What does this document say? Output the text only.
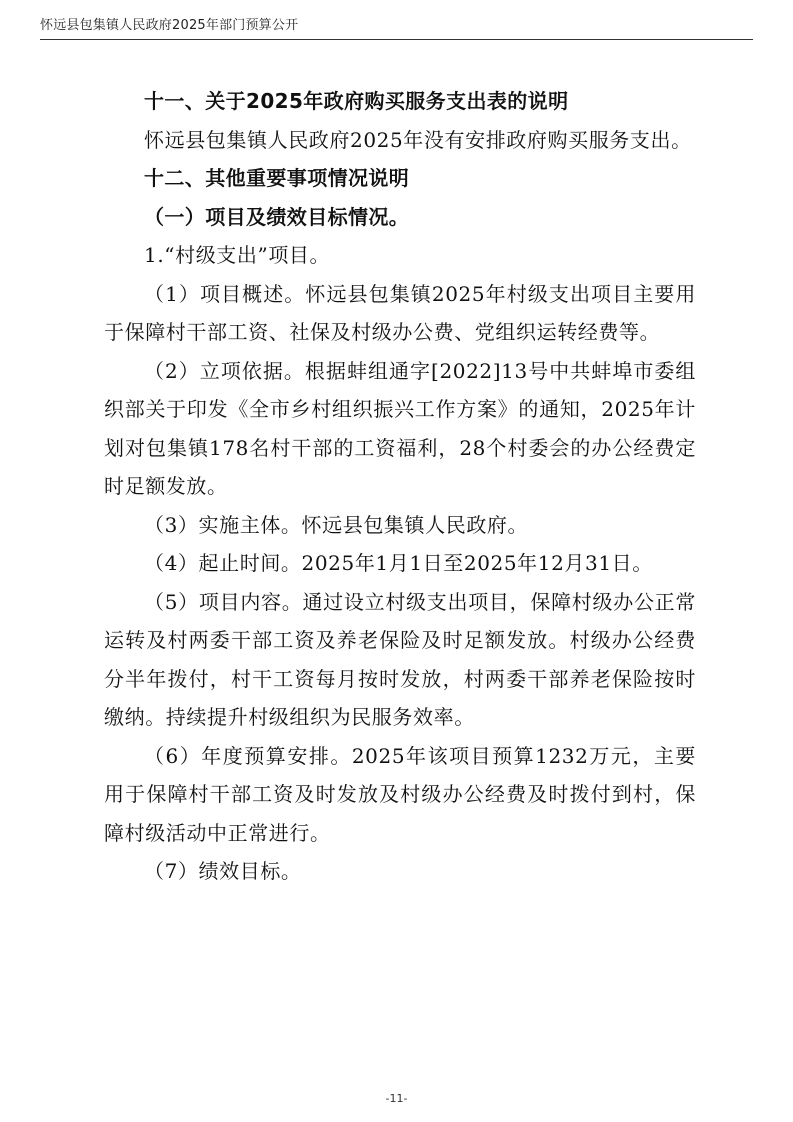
怀远县包集镇人民政府2025年部门预算公开

十一、关于2025年政府购买服务支出表的说明

怀远县包集镇人民政府2025年没有安排政府购买服务支出。

十二、其他重要事项情况说明

（一）项目及绩效目标情况。

1.“村级支出”项目。

（1）项目概述。怀远县包集镇2025年村级支出项目主要用于保障村干部工资、社保及村级办公费、党组织运转经费等。

（2）立项依据。根据蚌组通字[2022]13号中共蚌埠市委组织部关于印发《全市乡村组织振兴工作方案》的通知，2025年计划对包集镇178名村干部的工资福利，28个村委会的办公经费定时足额发放。

（3）实施主体。怀远县包集镇人民政府。

（4）起止时间。2025年1月1日至2025年12月31日。

（5）项目内容。通过设立村级支出项目，保障村级办公正常运转及村两委干部工资及养老保险及时足额发放。村级办公经费分半年拨付，村干工资每月按时发放，村两委干部养老保险按时缴纳。持续提升村级组织为民服务效率。

（6）年度预算安排。2025年该项目预算1232万元，主要用于保障村干部工资及时发放及村级办公经费及时拨付到村，保障村级活动中正常进行。

（7）绩效目标。

-11-
